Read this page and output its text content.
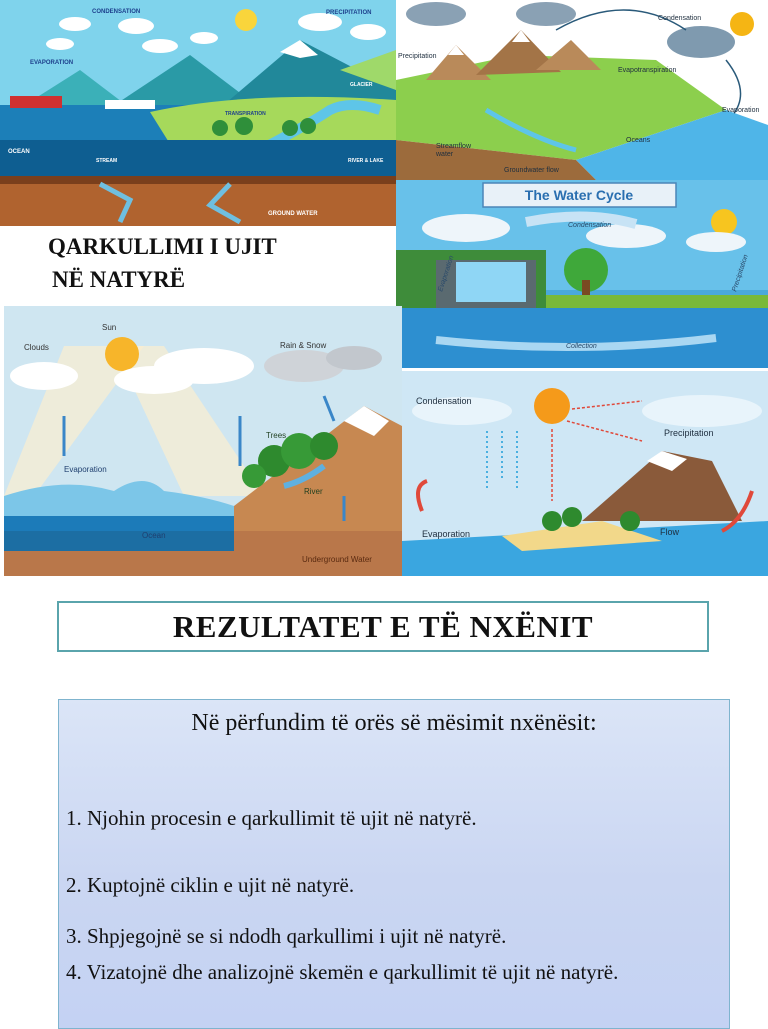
CONDENSATION	PRECIPITATION
EVAPORATION
GLACIER
TRANSPIRATION
OCEAN
STREAM	RIVER & LAKE
GROUND WATER
Condensation
Precipitation
Evapotranspiration
Evaporation
Streamflow
water
Groundwater flow
Oceans
The Water Cycle
Condensation
Precipitation
Evaporation
Collection
QARKULLIMI I UJIT
NË NATYRË
Clouds
Sun
Rain & Snow
Trees
Evaporation
River
Ocean
Underground Water
Condensation
Precipitation
Evaporation	Flow
REZULTATET E TË NXËNIT
Në përfundim të orës së mësimit nxënësit:
1. Njohin procesin e qarkullimit të ujit në natyrë.
2. Kuptojnë ciklin e ujit në natyrë.
3. Shpjegojnë se si ndodh qarkullimi i ujit në natyrë.
4. Vizatojnë dhe analizojnë skemën e qarkullimit të ujit në natyrë.
